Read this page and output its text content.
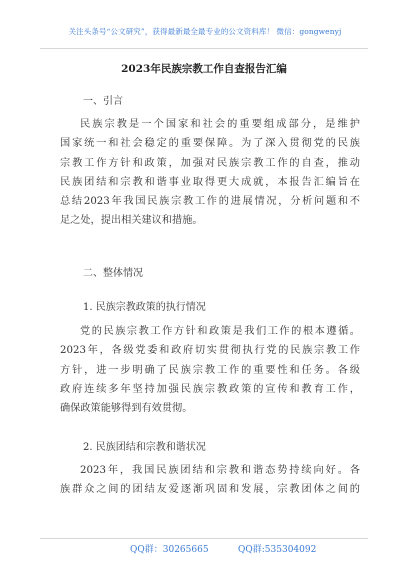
关注头条号“公文研究”，获得最新最全最专业的公文资料库！ 微信：gongwenyj
2023年民族宗教工作自查报告汇编
一、引言
民族宗教是一个国家和社会的重要组成部分，是维护
国家统一和社会稳定的重要保障。为了深入贯彻党的民族
宗教工作方针和政策，加强对民族宗教工作的自查，推动
民族团结和宗教和谐事业取得更大成就，本报告汇编旨在
总结2023年我国民族宗教工作的进展情况，分析问题和不
足之处，提出相关建议和措施。
二、整体情况
1. 民族宗教政策的执行情况
党的民族宗教工作方针和政策是我们工作的根本遵循。
2023年，各级党委和政府切实贯彻执行党的民族宗教工作
方针，进一步明确了民族宗教工作的重要性和任务。各级
政府连续多年坚持加强民族宗教政策的宣传和教育工作，
确保政策能够得到有效贯彻。
2. 民族团结和宗教和谐状况
2023年，我国民族团结和宗教和谐态势持续向好。各
族群众之间的团结友爱逐渐巩固和发展，宗教团体之间的
QQ群：30265665	QQ群:535304092
